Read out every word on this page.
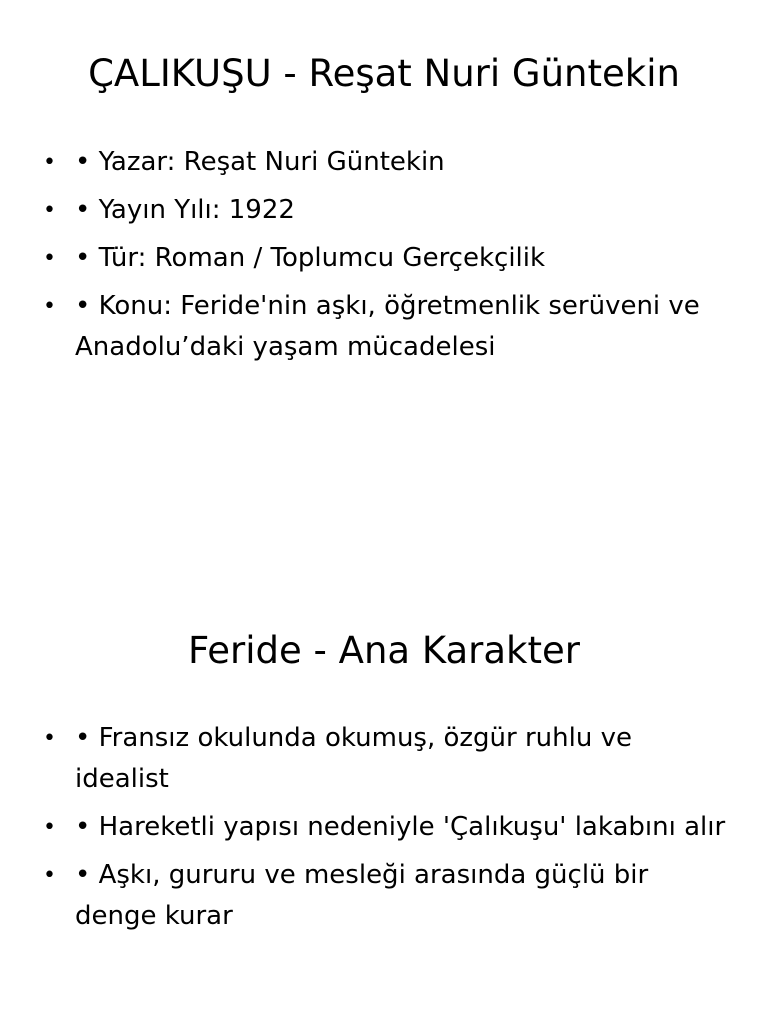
ÇALIKUŞU - Reşat Nuri Güntekin
• • Yazar: Reşat Nuri Güntekin
• • Yayın Yılı: 1922
• • Tür: Roman / Toplumcu Gerçekçilik
• • Konu: Feride'nin aşkı, öğretmenlik serüveni ve Anadolu’daki yaşam mücadelesi
Feride - Ana Karakter
• • Fransız okulunda okumuş, özgür ruhlu ve idealist
• • Hareketli yapısı nedeniyle 'Çalıkuşu' lakabını alır
• • Aşkı, gururu ve mesleği arasında güçlü bir denge kurar
